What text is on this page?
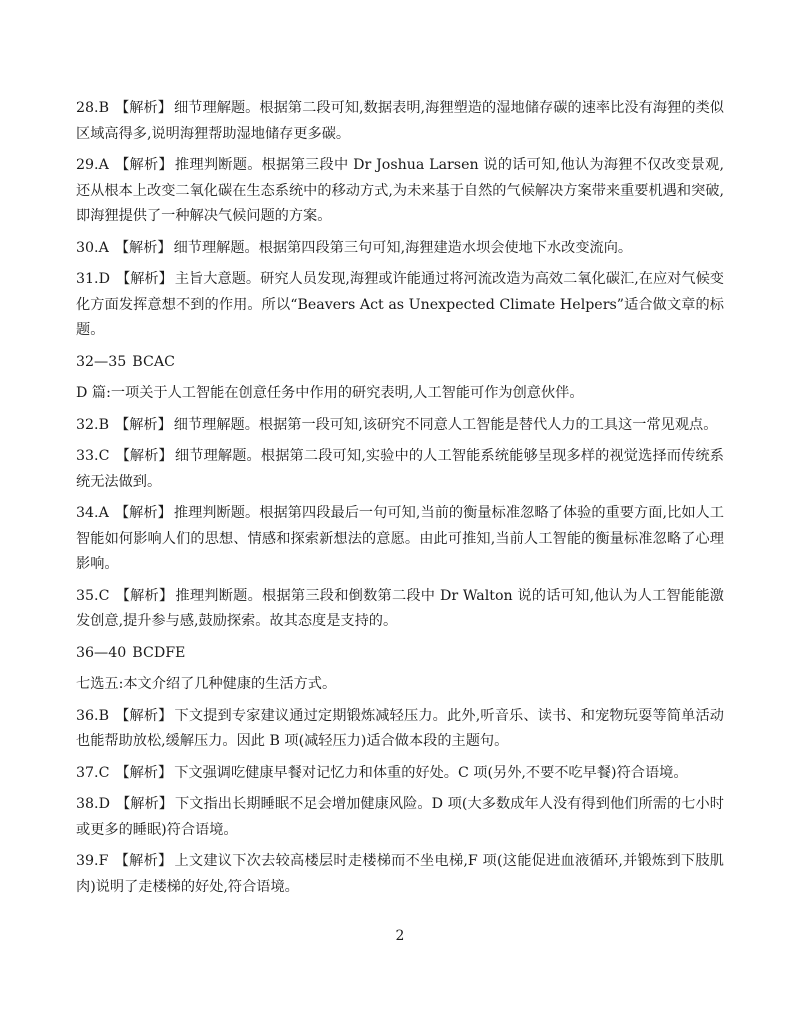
28.B 【解析】 细节理解题。根据第二段可知,数据表明,海狸塑造的湿地储存碳的速率比没有海狸的类似区域高得多,说明海狸帮助湿地储存更多碳。

29.A 【解析】 推理判断题。根据第三段中 Dr Joshua Larsen 说的话可知,他认为海狸不仅改变景观,还从根本上改变二氧化碳在生态系统中的移动方式,为未来基于自然的气候解决方案带来重要机遇和突破,即海狸提供了一种解决气候问题的方案。

30.A 【解析】 细节理解题。根据第四段第三句可知,海狸建造水坝会使地下水改变流向。

31.D 【解析】 主旨大意题。研究人员发现,海狸或许能通过将河流改造为高效二氧化碳汇,在应对气候变化方面发挥意想不到的作用。所以“Beavers Act as Unexpected Climate Helpers”适合做文章的标题。

32—35 BCAC

D 篇:一项关于人工智能在创意任务中作用的研究表明,人工智能可作为创意伙伴。

32.B 【解析】 细节理解题。根据第一段可知,该研究不同意人工智能是替代人力的工具这一常见观点。

33.C 【解析】 细节理解题。根据第二段可知,实验中的人工智能系统能够呈现多样的视觉选择而传统系统无法做到。

34.A 【解析】 推理判断题。根据第四段最后一句可知,当前的衡量标准忽略了体验的重要方面,比如人工智能如何影响人们的思想、情感和探索新想法的意愿。由此可推知,当前人工智能的衡量标准忽略了心理影响。

35.C 【解析】 推理判断题。根据第三段和倒数第二段中 Dr Walton 说的话可知,他认为人工智能能激发创意,提升参与感,鼓励探索。故其态度是支持的。

36—40 BCDFE

七选五:本文介绍了几种健康的生活方式。

36.B 【解析】 下文提到专家建议通过定期锻炼减轻压力。此外,听音乐、读书、和宠物玩耍等简单活动也能帮助放松,缓解压力。因此 B 项(减轻压力)适合做本段的主题句。

37.C 【解析】 下文强调吃健康早餐对记忆力和体重的好处。C 项(另外,不要不吃早餐)符合语境。

38.D 【解析】 下文指出长期睡眠不足会增加健康风险。D 项(大多数成年人没有得到他们所需的七小时或更多的睡眠)符合语境。

39.F 【解析】 上文建议下次去较高楼层时走楼梯而不坐电梯,F 项(这能促进血液循环,并锻炼到下肢肌肉)说明了走楼梯的好处,符合语境。

2
